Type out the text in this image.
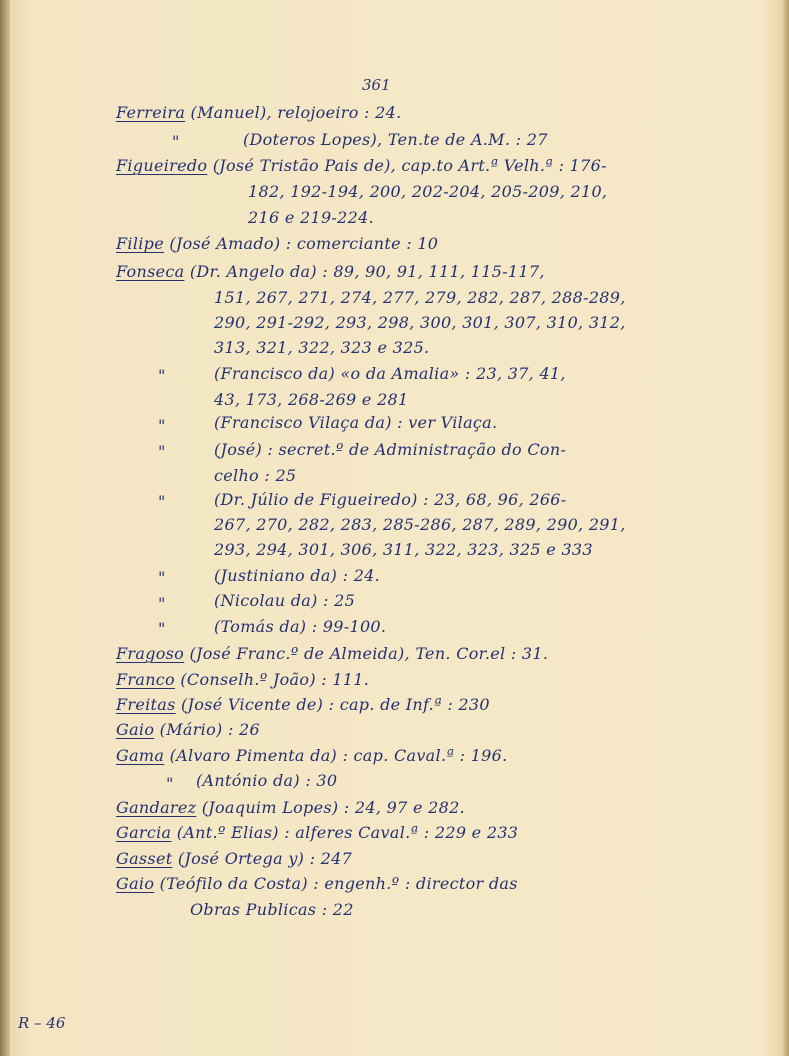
361
Ferreira (Manuel), relojoeiro : 24.
"	(Doteros Lopes), Ten.te de A.M. : 27
Figueiredo (José Tristão Pais de), cap.to Art.ª Velh.ª : 176-
182, 192-194, 200, 202-204, 205-209, 210,
216 e 219-224.
Filipe (José Amado) : comerciante : 10
Fonseca (Dr. Angelo da) : 89, 90, 91, 111, 115-117,
151, 267, 271, 274, 277, 279, 282, 287, 288-289,
290, 291-292, 293, 298, 300, 301, 307, 310, 312,
313, 321, 322, 323 e 325.
"	(Francisco da) «o da Amalia» : 23, 37, 41,
43, 173, 268-269 e 281
"	(Francisco Vilaça da) : ver Vilaça.
"	(José) : secret.º de Administração do Con-
celho : 25
"	(Dr. Júlio de Figueiredo) : 23, 68, 96, 266-
267, 270, 282, 283, 285-286, 287, 289, 290, 291,
293, 294, 301, 306, 311, 322, 323, 325 e 333
"	(Justiniano da) : 24.
"	(Nicolau da) : 25
"	(Tomás da) : 99-100.
Fragoso (José Franc.º de Almeida), Ten. Cor.el : 31.
Franco (Conselh.º João) : 111.
Freitas (José Vicente de) : cap. de Inf.ª : 230
Gaio (Mário) : 26
Gama (Alvaro Pimenta da) : cap. Caval.ª : 196.
" (António da) : 30
Gandarez (Joaquim Lopes) : 24, 97 e 282.
Garcia (Ant.º Elias) : alferes Caval.ª : 229 e 233
Gasset (José Ortega y) : 247
Gaio (Teófilo da Costa) : engenh.º : director das
Obras Publicas : 22
R – 46
